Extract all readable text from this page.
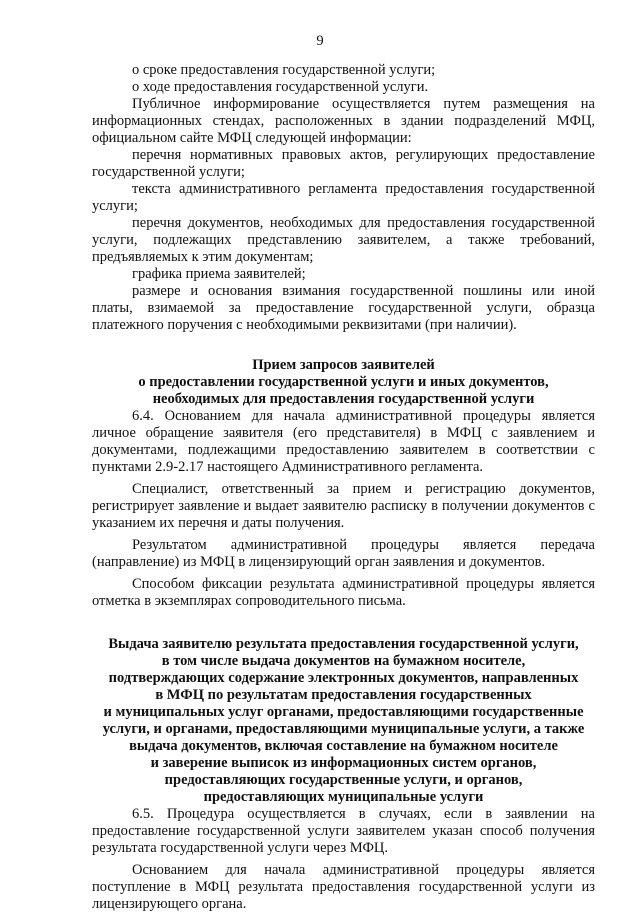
9

о сроке предоставления государственной услуги;

о ходе предоставления государственной услуги.

Публичное информирование осуществляется путем размещения на информационных стендах, расположенных в здании подразделений МФЦ, официальном сайте МФЦ следующей информации:

перечня нормативных правовых актов, регулирующих предоставление государственной услуги;

текста административного регламента предоставления государственной услуги;

перечня документов, необходимых для предоставления государственной услуги, подлежащих представлению заявителем, а также требований, предъявляемых к этим документам;

графика приема заявителей;

размере и основания взимания государственной пошлины или иной платы, взимаемой за предоставление государственной услуги, образца платежного поручения с необходимыми реквизитами (при наличии).

Прием запросов заявителей
о предоставлении государственной услуги и иных документов,
необходимых для предоставления государственной услуги

6.4. Основанием для начала административной процедуры является личное обращение заявителя (его представителя) в МФЦ с заявлением и документами, подлежащими предоставлению заявителем в соответствии с пунктами 2.9-2.17 настоящего Административного регламента.

Специалист, ответственный за прием и регистрацию документов, регистрирует заявление и выдает заявителю расписку в получении документов с указанием их перечня и даты получения.

Результатом административной процедуры является передача (направление) из МФЦ в лицензирующий орган заявления и документов.

Способом фиксации результата административной процедуры является отметка в экземплярах сопроводительного письма.

Выдача заявителю результата предоставления государственной услуги,
в том числе выдача документов на бумажном носителе,
подтверждающих содержание электронных документов, направленных
в МФЦ по результатам предоставления государственных
и муниципальных услуг органами, предоставляющими государственные
услуги, и органами, предоставляющими муниципальные услуги, а также
выдача документов, включая составление на бумажном носителе
и заверение выписок из информационных систем органов,
предоставляющих государственные услуги, и органов,
предоставляющих муниципальные услуги

6.5. Процедура осуществляется в случаях, если в заявлении на предоставление государственной услуги заявителем указан способ получения результата государственной услуги через МФЦ.

Основанием для начала административной процедуры является поступление в МФЦ результата предоставления государственной услуги из лицензирующего органа.
